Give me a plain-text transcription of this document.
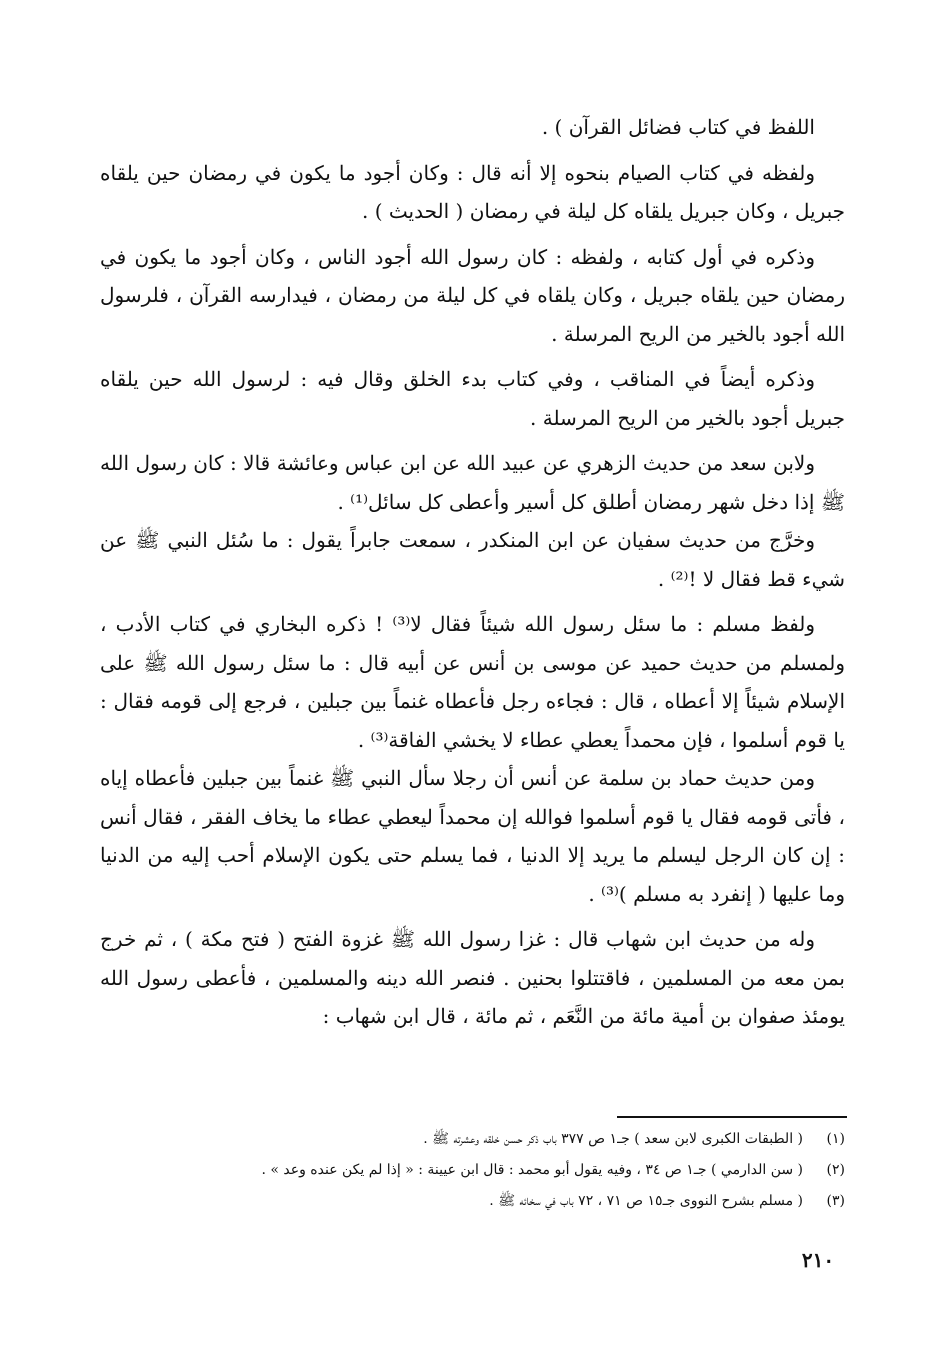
اللفظ في كتاب فضائل القرآن ) .

ولفظه في كتاب الصيام بنحوه إلا أنه قال : وكان أجود ما يكون في رمضان حين يلقاه جبريل ، وكان جبريل يلقاه كل ليلة في رمضان ( الحديث ) .

وذكره في أول كتابه ، ولفظه : كان رسول الله أجود الناس ، وكان أجود ما يكون في رمضان حين يلقاه جبريل ، وكان يلقاه في كل ليلة من رمضان ، فيدارسه القرآن ، فلرسول الله أجود بالخير من الريح المرسلة .

وذكره أيضاً في المناقب ، وفي كتاب بدء الخلق وقال فيه : لرسول الله حين يلقاه جبريل أجود بالخير من الريح المرسلة .

ولابن سعد من حديث الزهري عن عبيد الله عن ابن عباس وعائشة قالا : كان رسول الله ﷺ إذا دخل شهر رمضان أطلق كل أسير وأعطى كل سائل⁽¹⁾ .

وخرَّج من حديث سفيان عن ابن المنكدر ، سمعت جابراً يقول : ما سُئل النبي ﷺ عن شيء قط فقال لا !⁽²⁾ .

ولفظ مسلم : ما سئل رسول الله شيئاً فقال لا⁽³⁾ ! ذكره البخاري في كتاب الأدب ، ولمسلم من حديث حميد عن موسى بن أنس عن أبيه قال : ما سئل رسول الله ﷺ على الإسلام شيئاً إلا أعطاه ، قال : فجاءه رجل فأعطاه غنماً بين جبلين ، فرجع إلى قومه فقال : يا قوم أسلموا ، فإن محمداً يعطي عطاء لا يخشي الفاقة⁽³⁾ .

ومن حديث حماد بن سلمة عن أنس أن رجلا سأل النبي ﷺ غنماً بين جبلين فأعطاه إياه ، فأتى قومه فقال يا قوم أسلموا فوالله إن محمداً ليعطي عطاء ما يخاف الفقر ، فقال أنس : إن كان الرجل ليسلم ما يريد إلا الدنيا ، فما يسلم حتى يكون الإسلام أحب إليه من الدنيا وما عليها ( إنفرد به مسلم )⁽³⁾ .

وله من حديث ابن شهاب قال : غزا رسول الله ﷺ غزوة الفتح ( فتح مكة ) ، ثم خرج بمن معه من المسلمين ، فاقتتلوا بحنين . فنصر الله دينه والمسلمين ، فأعطى رسول الله يومئذ صفوان بن أمية مائة من النَّعَم ، ثم مائة ، قال ابن شهاب :

(١)
( الطبقات الكبرى لابن سعد ) جـ١ ص ٣٧٧ باب ذكر حسن خلقه وعشرته ﷺ .
(٢)
( سن الدارمي ) جـ١ ص ٣٤ ، وفيه يقول أبو محمد : قال ابن عيينة : « إذا لم يكن عنده وعد » .
(٣)
( مسلم بشرح النووى جـ١٥ ص ٧١ ، ٧٢ باب في سخائه ﷺ .
٢١٠
